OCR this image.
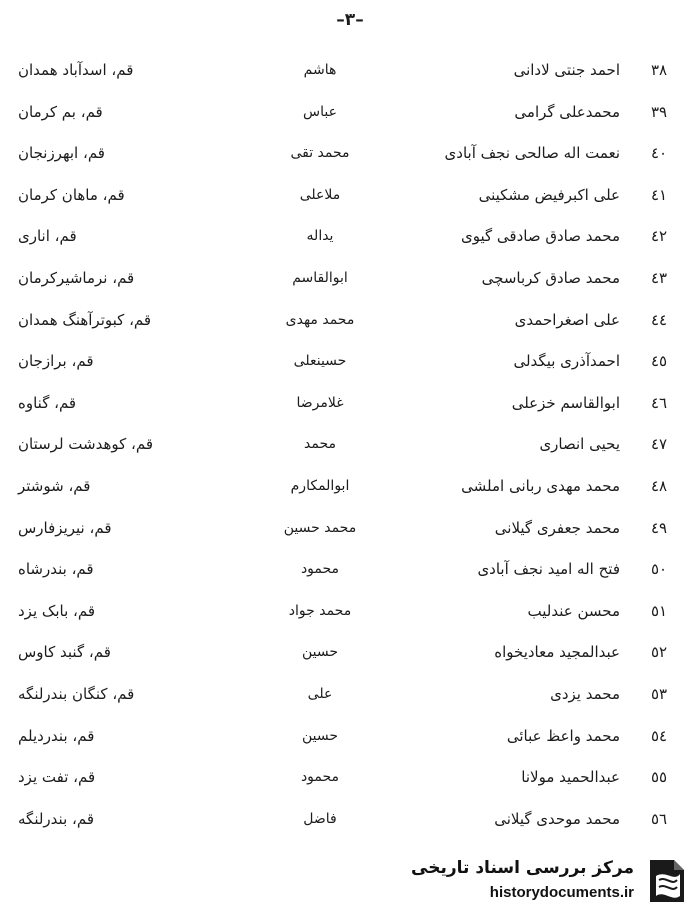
–٣–
٣٨
احمد جنتی لادانی
هاشم
قم، اسدآباد همدان
٣٩
محمدعلی گرامی
عباس
قم، بم کرمان
٤٠
نعمت اله صالحی نجف آبادی
محمد تقی
قم، ابهرزنجان
٤١
علی اکبرفیض مشکینی
ملاعلی
قم، ماهان کرمان
٤٢
محمد صادق صادقی گیوی
یداله
قم، اناری
٤٣
محمد صادق کرباسچی
ابوالقاسم
قم، نرماشیرکرمان
٤٤
علی اصغراحمدی
محمد مهدی
قم، کبوترآهنگ همدان
٤٥
احمدآذری بیگدلی
حسینعلی
قم، برازجان
٤٦
ابوالقاسم خزعلی
غلامرضا
قم، گناوه
٤٧
یحیی انصاری
محمد
قم، کوهدشت لرستان
٤٨
محمد مهدی ربانی املشی
ابوالمکارم
قم، شوشتر
٤٩
محمد جعفری گیلانی
محمد حسین
قم، نیریزفارس
٥٠
فتح اله امید نجف آبادی
محمود
قم، بندرشاه
٥١
محسن عندلیب
محمد جواد
قم، بابک یزد
٥٢
عبدالمجید معادیخواه
حسین
قم، گنبد کاوس
٥٣
محمد یزدی
علی
قم، کنگان بندرلنگه
٥٤
محمد واعظ عبائی
حسین
قم، بندردیلم
٥٥
عبدالحمید مولانا
محمود
قم، تفت یزد
٥٦
محمد موحدی گیلانی
فاضل
قم، بندرلنگه
مرکز بررسی اسناد تاریخی
historydocuments.ir
